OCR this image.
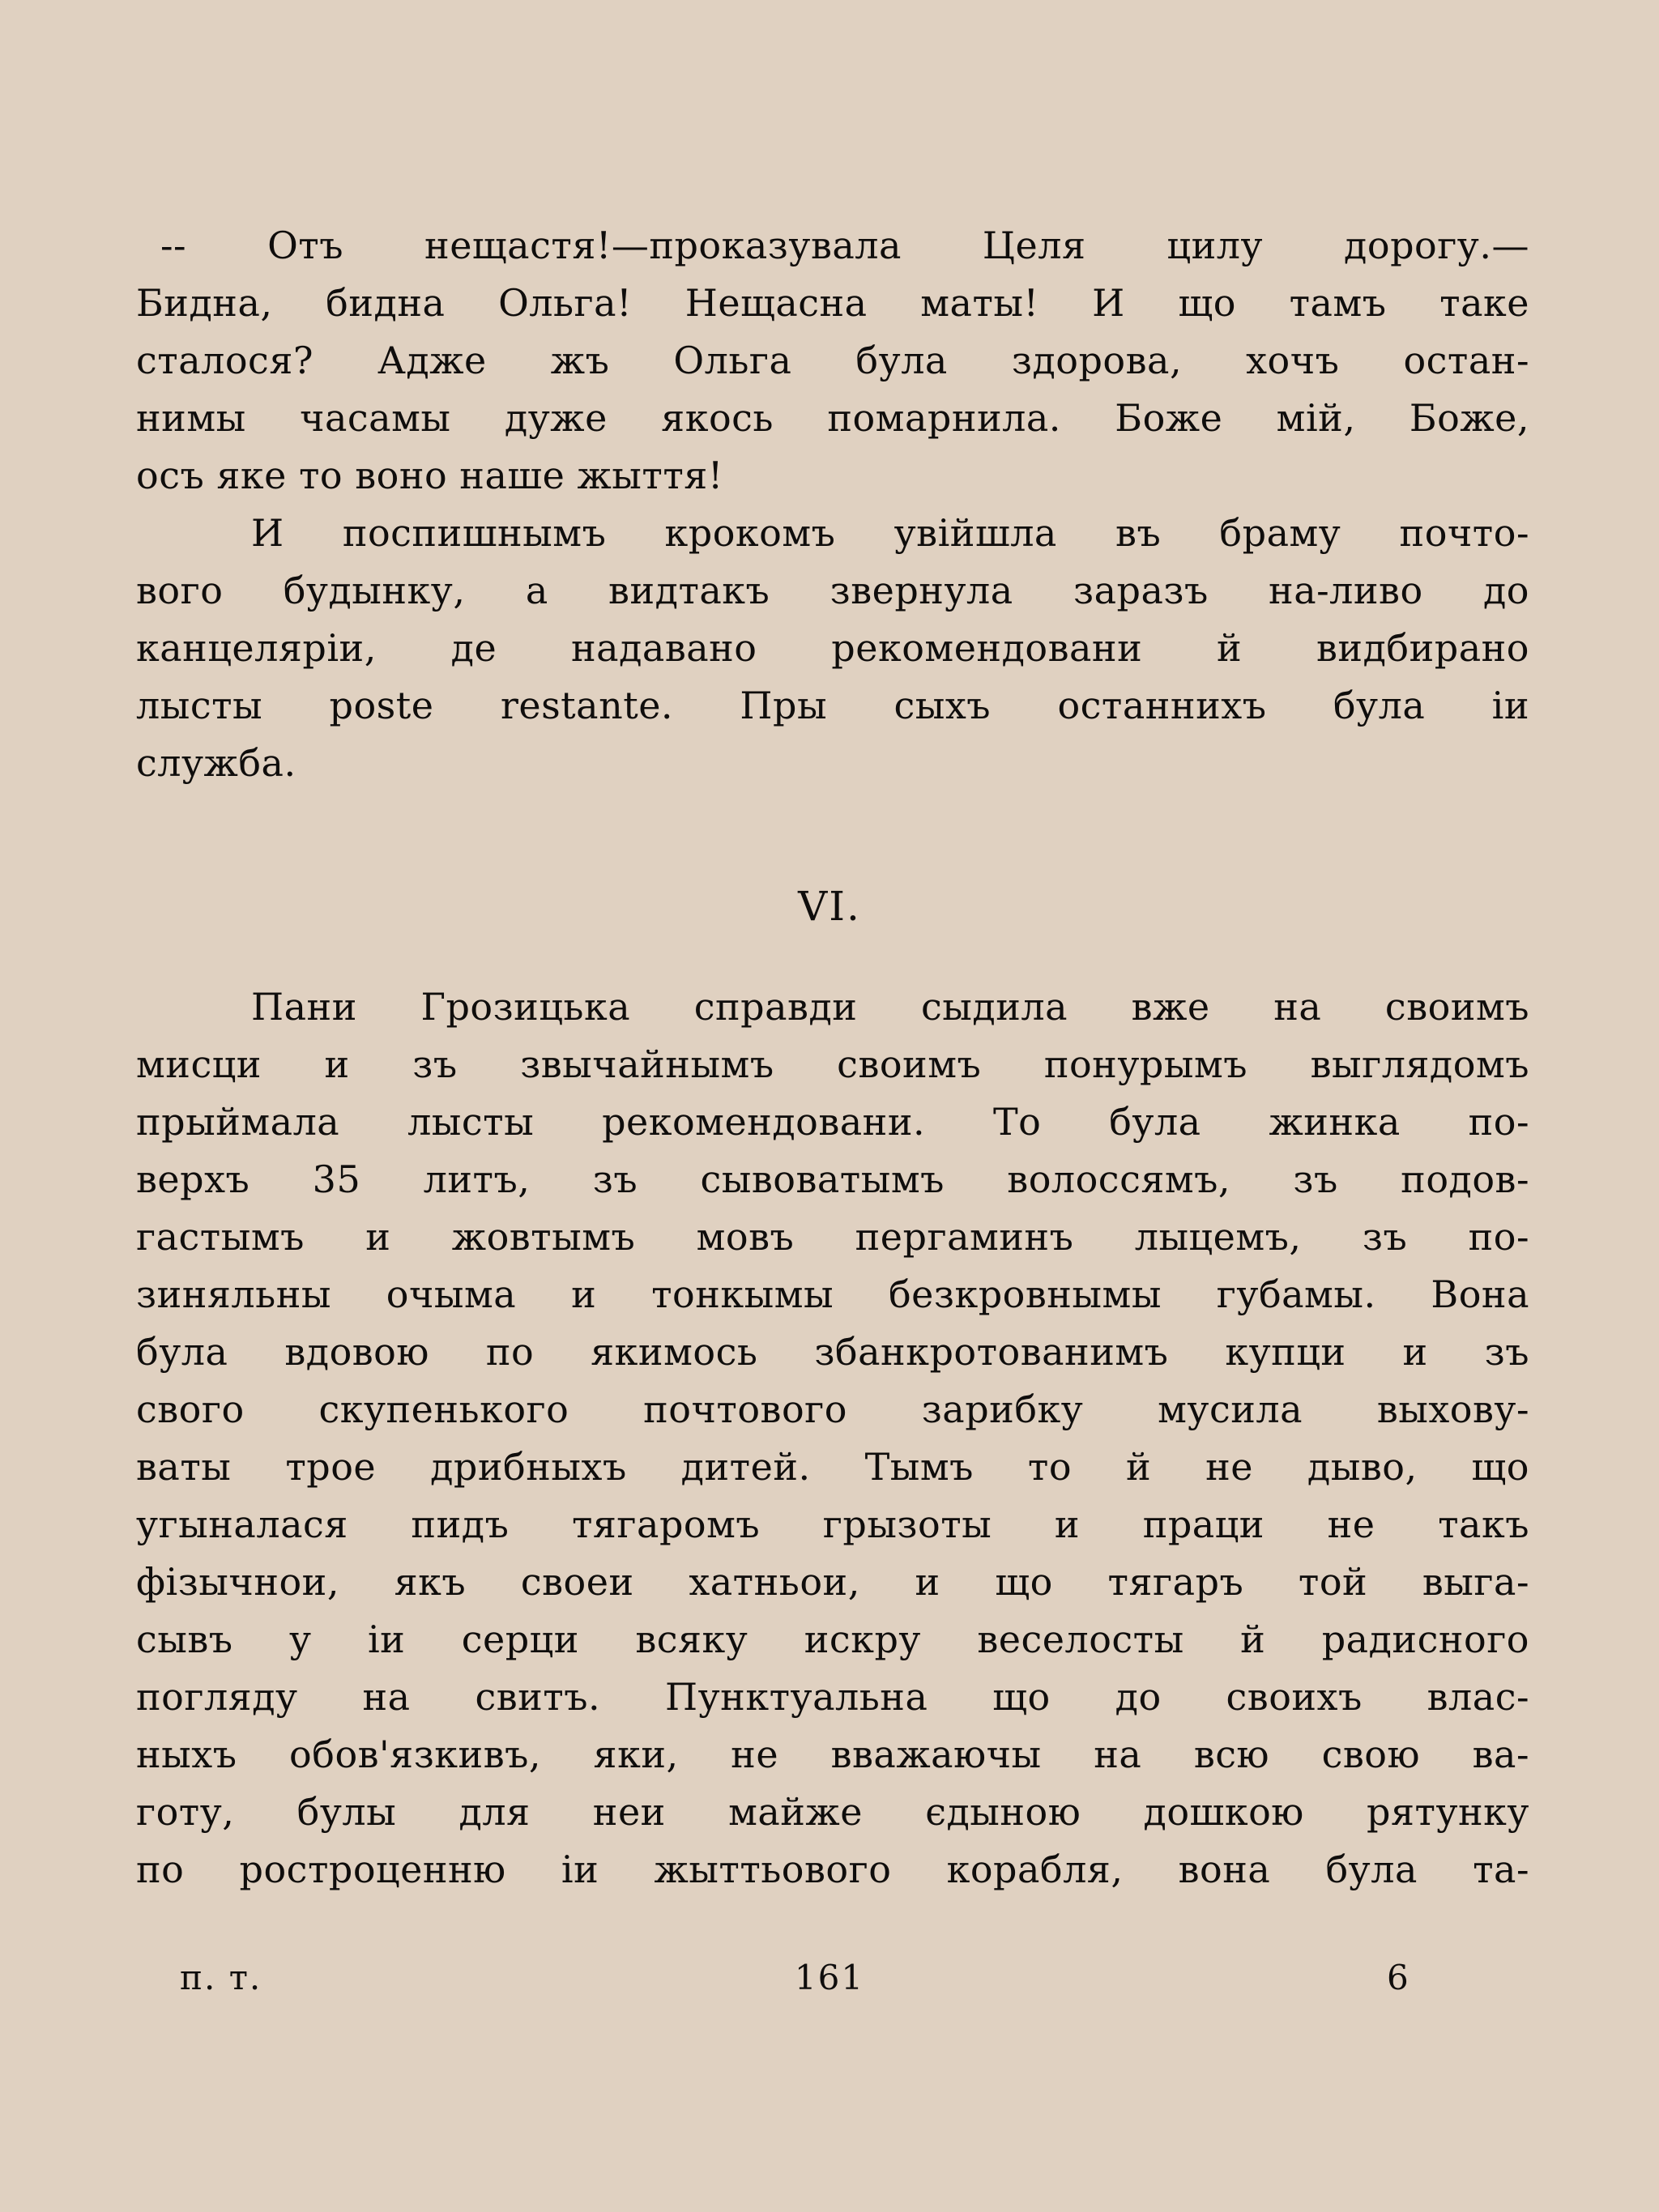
-- Отъ нещастя!—проказувала Целя цилу дорогу.—
Бидна, бидна Ольга! Нещасна маты! И що тамъ таке
сталося? Адже жъ Ольга була здорова, хочъ остан-
нимы часамы дуже якось помарнила. Боже мій, Боже,
осъ яке то воно наше жыття!
И поспишнымъ крокомъ увійшла въ браму почто-
вого будынку, а видтакъ звернула заразъ на-ливо до
канцеляріи, де надавано рекомендовани й видбирано
лысты poste restante. Пры сыхъ останнихъ була іи
служба.
VI.
Пани Грозицька справди сыдила вже на своимъ
мисци и зъ звычайнымъ своимъ понурымъ выглядомъ
прыймала лысты рекомендовани. То була жинка по-
верхъ 35 литъ, зъ сывоватымъ волоссямъ, зъ подов-
гастымъ и жовтымъ мовъ пергаминъ лыцемъ, зъ по-
зиняльны очыма и тонкымы безкровнымы губамы. Вона
була вдовою по якимось збанкротованимъ купци и зъ
свого скупенького почтового зарибку мусила выхову-
ваты трое дрибныхъ дитей. Тымъ то й не дыво, що
угыналася пидъ тягаромъ грызоты и праци не такъ
фізычнои, якъ своеи хатньои, и що тягаръ той выга-
сывъ у іи серци всяку искру веселосты й радисного
погляду на свитъ. Пунктуальна що до своихъ влас-
ныхъ обов'язкивъ, яки, не вважаючы на всю свою ва-
готу, булы для неи майже єдыною дошкою рятунку
по ростроценню іи жыттьового корабля, вона була та-
п. т.	161	6
